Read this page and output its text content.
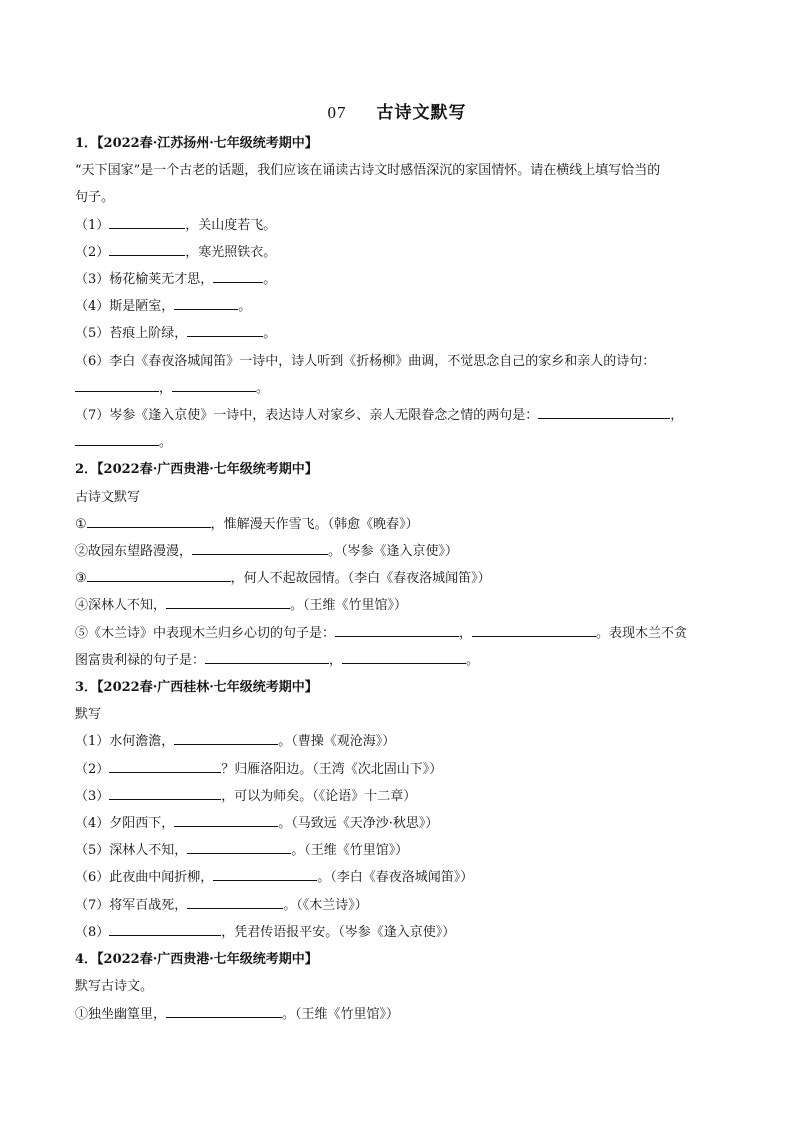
07 古诗文默写
1．【2022春·江苏扬州·七年级统考期中】
“天下国家”是一个古老的话题，我们应该在诵读古诗文时感悟深沉的家国情怀。请在横线上填写恰当的
句子。
（1）	，关山度若飞。
（2）	，寒光照铁衣。
（3）杨花榆荚无才思，	。
（4）斯是陋室，	。
（5）苔痕上阶绿，	。
（6）李白《春夜洛城闻笛》一诗中，诗人听到《折杨柳》曲调，不觉思念自己的家乡和亲人的诗句：
，	。
（7）岑参《逢入京使》一诗中，表达诗人对家乡、亲人无限眷念之情的两句是：	，
。
2．【2022春·广西贵港·七年级统考期中】
古诗文默写
①	，惟解漫天作雪飞。（韩愈《晚春》）
②故园东望路漫漫，	。（岑参《逢入京使》）
③	，何人不起故园情。（李白《春夜洛城闻笛》）
④深林人不知，	。（王维《竹里馆》）
⑤《木兰诗》中表现木兰归乡心切的句子是：	，	。表现木兰不贪
图富贵利禄的句子是：	，	。
3．【2022春·广西桂林·七年级统考期中】
默写
（1）水何澹澹，	。（曹操《观沧海》）
（2）	？归雁洛阳边。（王湾《次北固山下》）
（3）	，可以为师矣。（《论语》十二章）
（4）夕阳西下，	。（马致远《天净沙·秋思》）
（5）深林人不知，	。（王维《竹里馆》）
（6）此夜曲中闻折柳，	。（李白《春夜洛城闻笛》）
（7）将军百战死，	。（《木兰诗》）
（8）	，凭君传语报平安。（岑参《逢入京使》）
4．【2022春·广西贵港·七年级统考期中】
默写古诗文。
①独坐幽篁里，	。（王维《竹里馆》）
